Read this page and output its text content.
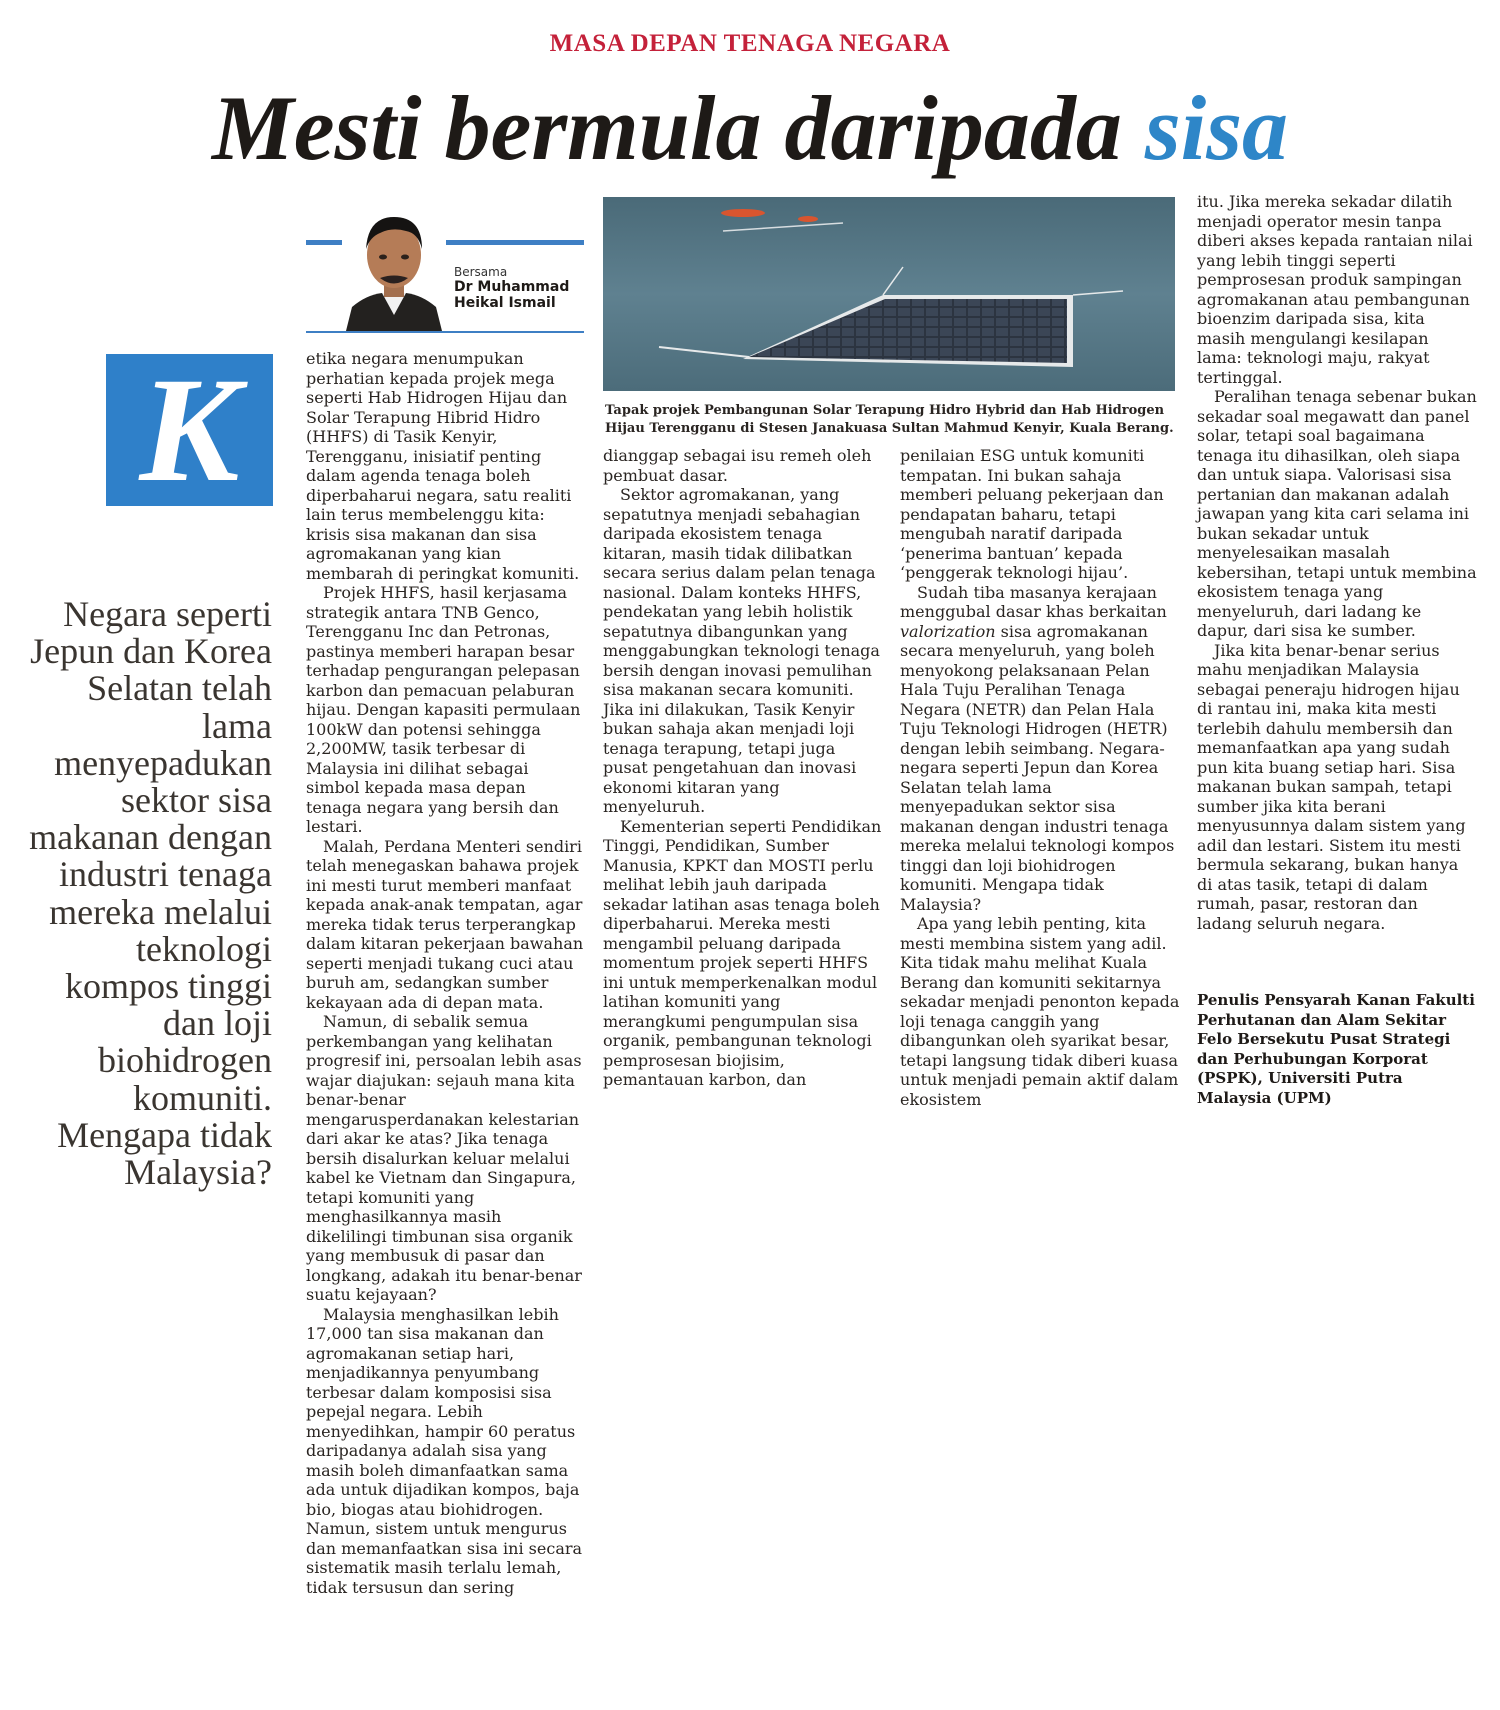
MASA DEPAN TENAGA NEGARA
Mesti bermula daripada sisa
Bersama
Dr Muhammad
Heikal Ismail
K
Negara seperti Jepun dan Korea Selatan telah lama menyepadukan sektor sisa makanan dengan industri tenaga mereka melalui teknologi kompos tinggi dan loji biohidrogen komuniti. Mengapa tidak Malaysia?
Tapak projek Pembangunan Solar Terapung Hidro Hybrid dan Hab Hidrogen Hijau Terengganu di Stesen Janakuasa Sultan Mahmud Kenyir, Kuala Berang.

etika negara menumpukan perhatian kepada projek mega seperti Hab Hidrogen Hijau dan Solar Terapung Hibrid Hidro (HHFS) di Tasik Kenyir, Terengganu, inisiatif penting dalam agenda tenaga boleh diperbaharui negara, satu realiti lain terus membelenggu kita: krisis sisa makanan dan sisa agromakanan yang kian membarah di peringkat komuniti.

Projek HHFS, hasil kerjasama strategik antara TNB Genco, Terengganu Inc dan Petronas, pastinya memberi harapan besar terhadap pengurangan pelepasan karbon dan pemacuan pelaburan hijau. Dengan kapasiti permulaan 100kW dan potensi sehingga 2,200MW, tasik terbesar di Malaysia ini dilihat sebagai simbol kepada masa depan tenaga negara yang bersih dan lestari.

Malah, Perdana Menteri sendiri telah menegaskan bahawa projek ini mesti turut memberi manfaat kepada anak-anak tempatan, agar mereka tidak terus terperangkap dalam kitaran pekerjaan bawahan seperti menjadi tukang cuci atau buruh am, sedangkan sumber kekayaan ada di depan mata.

Namun, di sebalik semua perkembangan yang kelihatan progresif ini, persoalan lebih asas wajar diajukan: sejauh mana kita benar-benar mengarusperdanakan kelestarian dari akar ke atas? Jika tenaga bersih disalurkan keluar melalui kabel ke Vietnam dan Singapura, tetapi komuniti yang menghasilkannya masih dikelilingi timbunan sisa organik yang membusuk di pasar dan longkang, adakah itu benar-benar suatu kejayaan?

Malaysia menghasilkan lebih 17,000 tan sisa makanan dan agromakanan setiap hari, menjadikannya penyumbang terbesar dalam komposisi sisa pepejal negara. Lebih menyedihkan, hampir 60 peratus daripadanya adalah sisa yang masih boleh dimanfaatkan sama ada untuk dijadikan kompos, baja bio, biogas atau biohidrogen. Namun, sistem untuk mengurus dan memanfaatkan sisa ini secara sistematik masih terlalu lemah, tidak tersusun dan sering

dianggap sebagai isu remeh oleh pembuat dasar.

Sektor agromakanan, yang sepatutnya menjadi sebahagian daripada ekosistem tenaga kitaran, masih tidak dilibatkan secara serius dalam pelan tenaga nasional. Dalam konteks HHFS, pendekatan yang lebih holistik sepatutnya dibangunkan yang menggabungkan teknologi tenaga bersih dengan inovasi pemulihan sisa makanan secara komuniti. Jika ini dilakukan, Tasik Kenyir bukan sahaja akan menjadi loji tenaga terapung, tetapi juga pusat pengetahuan dan inovasi ekonomi kitaran yang menyeluruh.

Kementerian seperti Pendidikan Tinggi, Pendidikan, Sumber Manusia, KPKT dan MOSTI perlu melihat lebih jauh daripada sekadar latihan asas tenaga boleh diperbaharui. Mereka mesti mengambil peluang daripada momentum projek seperti HHFS ini untuk memperkenalkan modul latihan komuniti yang merangkumi pengumpulan sisa organik, pembangunan teknologi pemprosesan biojisim, pemantauan karbon, dan

penilaian ESG untuk komuniti tempatan. Ini bukan sahaja memberi peluang pekerjaan dan pendapatan baharu, tetapi mengubah naratif daripada ‘penerima bantuan’ kepada ‘penggerak teknologi hijau’.

Sudah tiba masanya kerajaan menggubal dasar khas berkaitan valorization sisa agromakanan secara menyeluruh, yang boleh menyokong pelaksanaan Pelan Hala Tuju Peralihan Tenaga Negara (NETR) dan Pelan Hala Tuju Teknologi Hidrogen (HETR) dengan lebih seimbang. Negara-negara seperti Jepun dan Korea Selatan telah lama menyepadukan sektor sisa makanan dengan industri tenaga mereka melalui teknologi kompos tinggi dan loji biohidrogen komuniti. Mengapa tidak Malaysia?

Apa yang lebih penting, kita mesti membina sistem yang adil. Kita tidak mahu melihat Kuala Berang dan komuniti sekitarnya sekadar menjadi penonton kepada loji tenaga canggih yang dibangunkan oleh syarikat besar, tetapi langsung tidak diberi kuasa untuk menjadi pemain aktif dalam ekosistem

itu. Jika mereka sekadar dilatih menjadi operator mesin tanpa diberi akses kepada rantaian nilai yang lebih tinggi seperti pemprosesan produk sampingan agromakanan atau pembangunan bioenzim daripada sisa, kita masih mengulangi kesilapan lama: teknologi maju, rakyat tertinggal.

Peralihan tenaga sebenar bukan sekadar soal megawatt dan panel solar, tetapi soal bagaimana tenaga itu dihasilkan, oleh siapa dan untuk siapa. Valorisasi sisa pertanian dan makanan adalah jawapan yang kita cari selama ini bukan sekadar untuk menyelesaikan masalah kebersihan, tetapi untuk membina ekosistem tenaga yang menyeluruh, dari ladang ke dapur, dari sisa ke sumber.

Jika kita benar-benar serius mahu menjadikan Malaysia sebagai peneraju hidrogen hijau di rantau ini, maka kita mesti terlebih dahulu membersih dan memanfaatkan apa yang sudah pun kita buang setiap hari. Sisa makanan bukan sampah, tetapi sumber jika kita berani menyusunnya dalam sistem yang adil dan lestari. Sistem itu mesti bermula sekarang, bukan hanya di atas tasik, tetapi di dalam rumah, pasar, restoran dan ladang seluruh negara.

Penulis Pensyarah Kanan Fakulti Perhutanan dan Alam Sekitar Felo Bersekutu Pusat Strategi dan Perhubungan Korporat (PSPK), Universiti Putra Malaysia (UPM)
